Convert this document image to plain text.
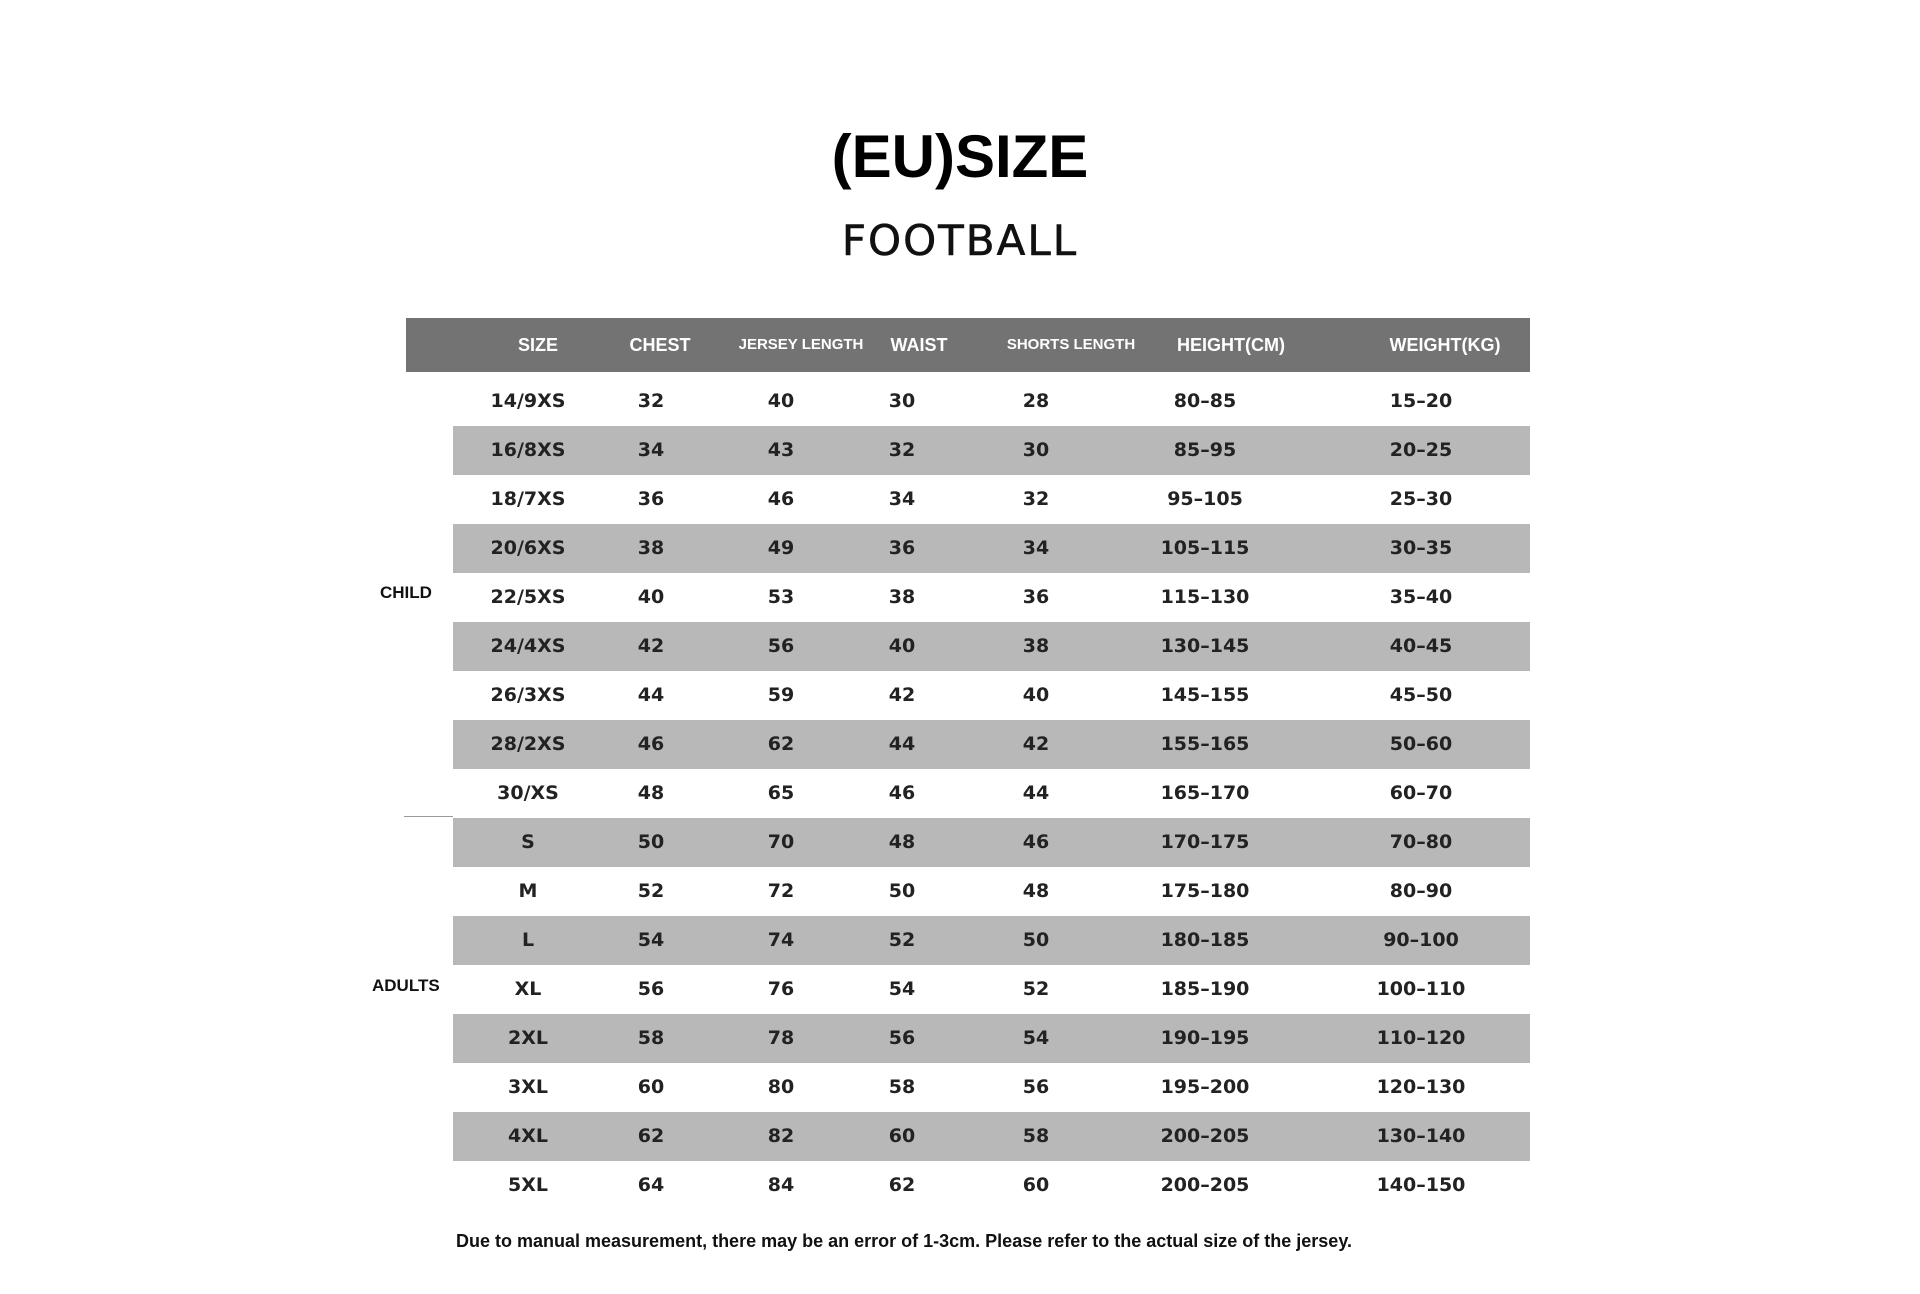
(EU)SIZE
FOOTBALL
SIZE	CHEST	JERSEY LENGTH	WAIST	SHORTS LENGTH	HEIGHT(CM)	WEIGHT(KG)
CHILD
ADULTS
14/9XS	32	40	30	28	80–85	15–20
16/8XS	34	43	32	30	85–95	20–25
18/7XS	36	46	34	32	95–105	25–30
20/6XS	38	49	36	34	105–115	30–35
22/5XS	40	53	38	36	115–130	35–40
24/4XS	42	56	40	38	130–145	40–45
26/3XS	44	59	42	40	145–155	45–50
28/2XS	46	62	44	42	155–165	50–60
30/XS	48	65	46	44	165–170	60–70
S	50	70	48	46	170–175	70–80
M	52	72	50	48	175–180	80–90
L	54	74	52	50	180–185	90–100
XL	56	76	54	52	185–190	100–110
2XL	58	78	56	54	190–195	110–120
3XL	60	80	58	56	195–200	120–130
4XL	62	82	60	58	200–205	130–140
5XL	64	84	62	60	200–205	140–150
Due to manual measurement, there may be an error of 1-3cm. Please refer to the actual size of the jersey.
